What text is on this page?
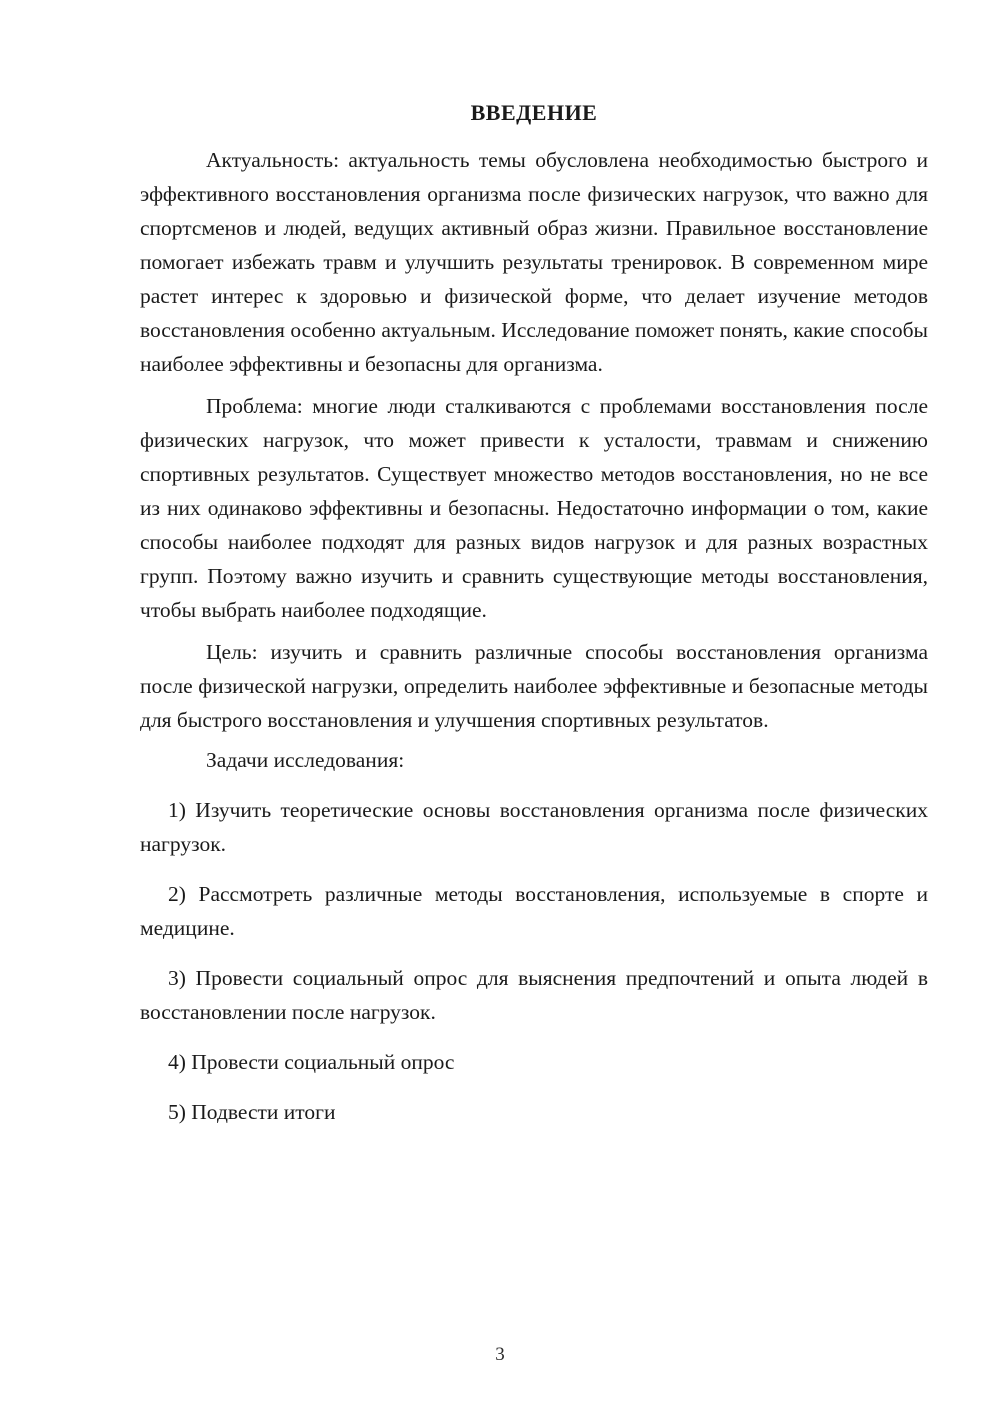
ВВЕДЕНИЕ

Актуальность: актуальность темы обусловлена необходимостью быстрого и эффективного восстановления организма после физических нагрузок, что важно для спортсменов и людей, ведущих активный образ жизни. Правильное восстановление помогает избежать травм и улучшить результаты тренировок. В современном мире растет интерес к здоровью и физической форме, что делает изучение методов восстановления особенно актуальным. Исследование поможет понять, какие способы наиболее эффективны и безопасны для организма.

Проблема: многие люди сталкиваются с проблемами восстановления после физических нагрузок, что может привести к усталости, травмам и снижению спортивных результатов. Существует множество методов восстановления, но не все из них одинаково эффективны и безопасны. Недостаточно информации о том, какие способы наиболее подходят для разных видов нагрузок и для разных возрастных групп. Поэтому важно изучить и сравнить существующие методы восстановления, чтобы выбрать наиболее подходящие.

Цель: изучить и сравнить различные способы восстановления организма после физической нагрузки, определить наиболее эффективные и безопасные методы для быстрого восстановления и улучшения спортивных результатов.

Задачи исследования:

1) Изучить теоретические основы восстановления организма после физических нагрузок.

2) Рассмотреть различные методы восстановления, используемые в спорте и медицине.

3) Провести социальный опрос для выяснения предпочтений и опыта людей в восстановлении после нагрузок.

4) Провести социальный опрос

5) Подвести итоги

3
